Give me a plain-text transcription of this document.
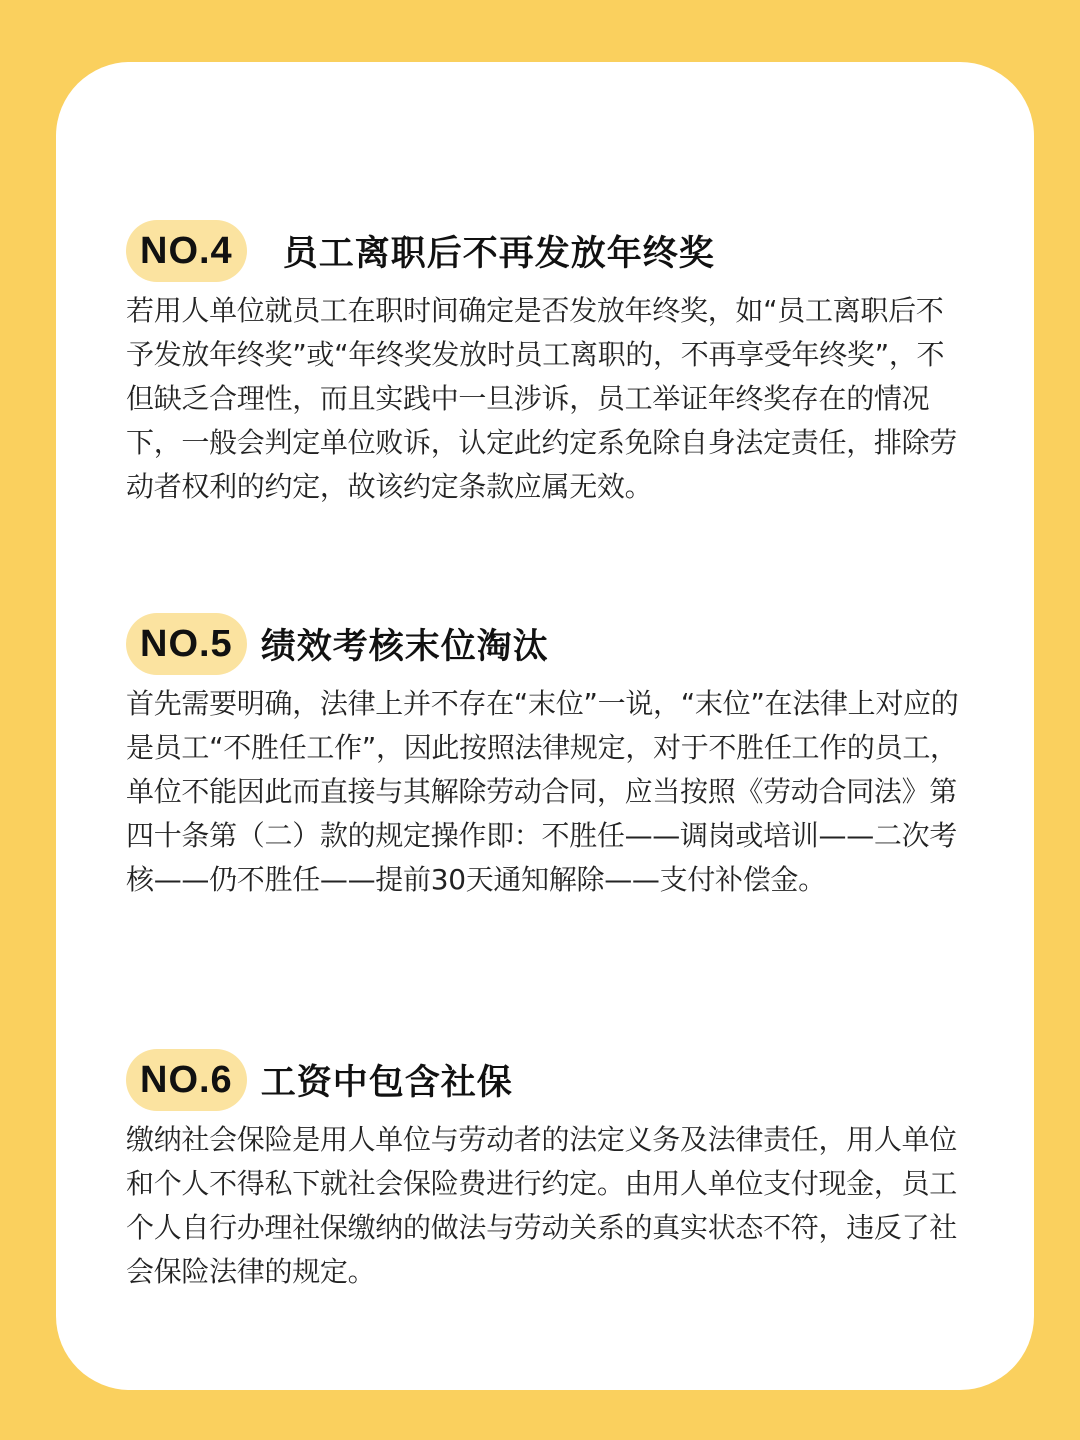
NO.4	员工离职后不再发放年终奖
若用人单位就员工在职时间确定是否发放年终奖，如“员工离职后不予发放年终奖”或“年终奖发放时员工离职的，不再享受年终奖”，不但缺乏合理性，而且实践中一旦涉诉，员工举证年终奖存在的情况下，一般会判定单位败诉，认定此约定系免除自身法定责任，排除劳动者权利的约定，故该约定条款应属无效。
NO.5 绩效考核末位淘汰
首先需要明确，法律上并不存在“末位”一说，“末位”在法律上对应的是员工“不胜任工作”，因此按照法律规定，对于不胜任工作的员工，单位不能因此而直接与其解除劳动合同，应当按照《劳动合同法》第四十条第（二）款的规定操作即：不胜任——调岗或培训——二次考核——仍不胜任——提前30天通知解除——支付补偿金。
NO.6 工资中包含社保
缴纳社会保险是用人单位与劳动者的法定义务及法律责任，用人单位和个人不得私下就社会保险费进行约定。由用人单位支付现金，员工个人自行办理社保缴纳的做法与劳动关系的真实状态不符，违反了社会保险法律的规定。
